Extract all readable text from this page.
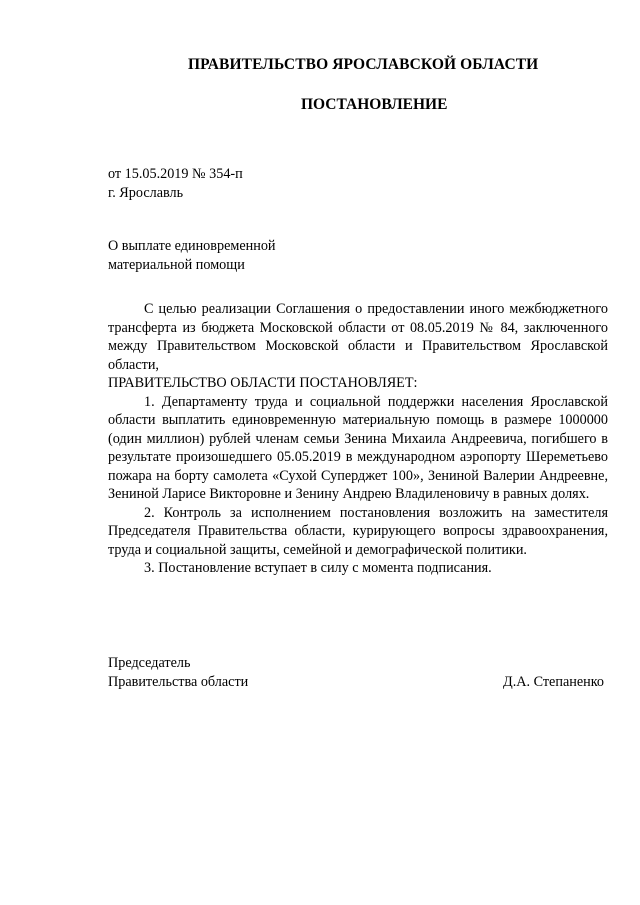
ПРАВИТЕЛЬСТВО ЯРОСЛАВСКОЙ ОБЛАСТИ
ПОСТАНОВЛЕНИЕ
от 15.05.2019 № 354-п
г. Ярославль
О выплате единовременной
материальной помощи

С целью реализации Соглашения о предоставлении иного межбюджетного трансферта из бюджета Московской области от 08.05.2019 № 84, заключенного между Правительством Московской области и Правительством Ярославской области,

ПРАВИТЕЛЬСТВО ОБЛАСТИ ПОСТАНОВЛЯЕТ:

1. Департаменту труда и социальной поддержки населения Ярославской области выплатить единовременную материальную помощь в размере 1000000 (один миллион) рублей членам семьи Зенина Михаила Андреевича, погибшего в результате произошедшего 05.05.2019 в международном аэропорту Шереметьево пожара на борту самолета «Сухой Суперджет 100», Зениной Валерии Андреевне, Зениной Ларисе Викторовне и Зенину Андрею Владиленовичу в равных долях.

2. Контроль за исполнением постановления возложить на заместителя Председателя Правительства области, курирующего вопросы здравоохранения, труда и социальной защиты, семейной и демографической политики.

3. Постановление вступает в силу с момента подписания.

Председатель
Правительства области	Д.А. Степаненко
